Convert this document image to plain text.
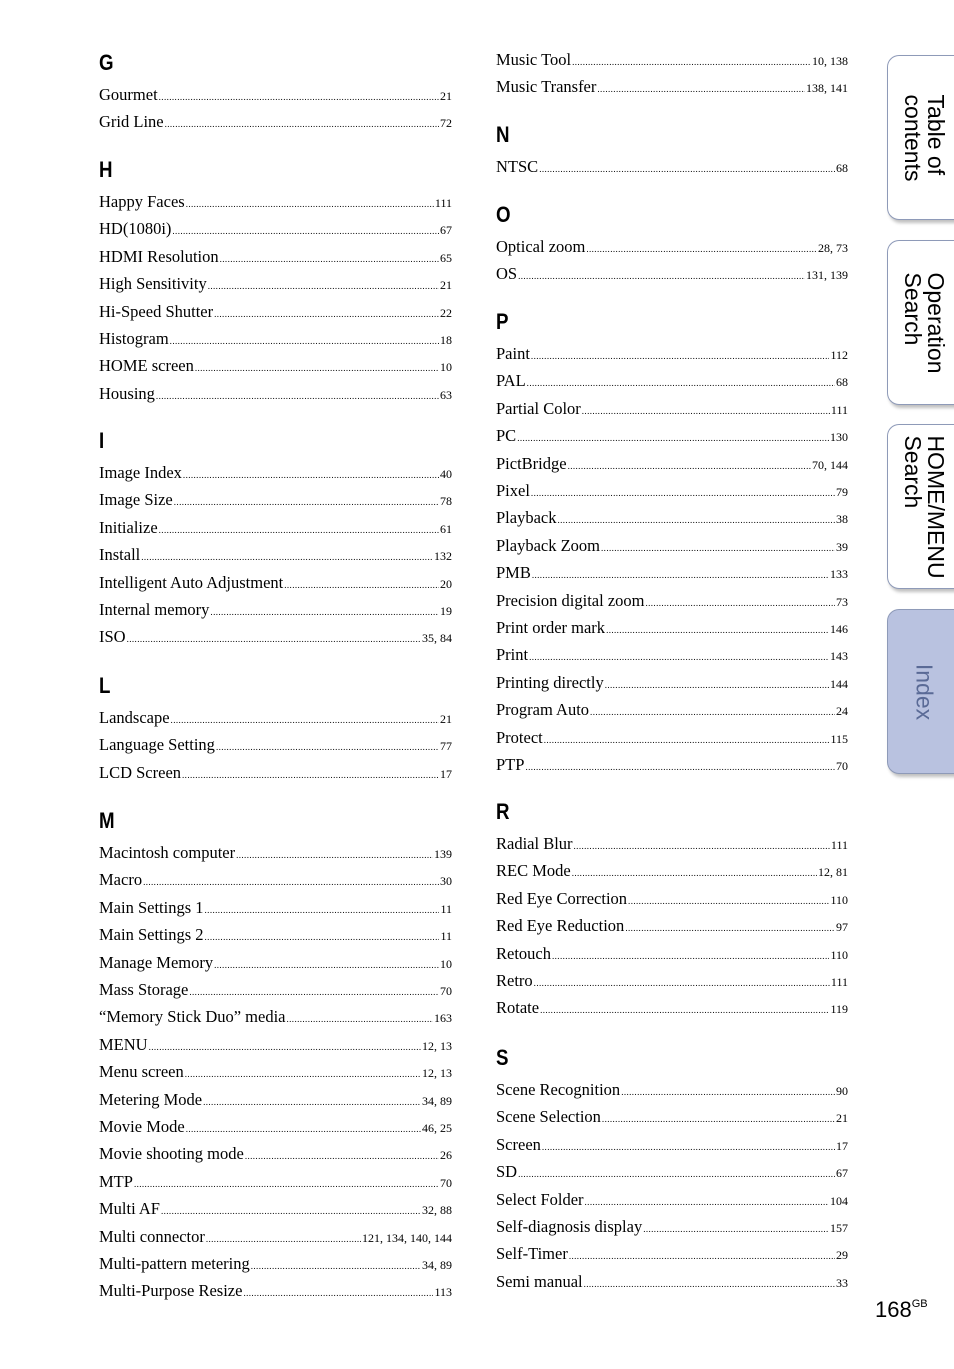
G
Gourmet .....	21
Grid Line .....	72
H
Happy Faces .....	111
HD(1080i) .....	67
HDMI Resolution .....	65
High Sensitivity .....	21
Hi-Speed Shutter .....	22
Histogram .....	18
HOME screen .....	10
Housing .....	63
I
Image Index .....	40
Image Size .....	78
Initialize .....	61
Install .....	132
Intelligent Auto Adjustment .....	20
Internal memory .....	19
ISO .....	35, 84
L
Landscape .....	21
Language Setting .....	77
LCD Screen .....	17
M
Macintosh computer .....	139
Macro .....	30
Main Settings 1 .....	11
Main Settings 2 .....	11
Manage Memory .....	10
Mass Storage .....	70
“Memory Stick Duo” media .....	163
MENU .....	12, 13
Menu screen .....	12, 13
Metering Mode .....	34, 89
Movie Mode .....	46, 25
Movie shooting mode .....	26
MTP .....	70
Multi AF .....	32, 88
Multi connector .....	121, 134, 140, 144
Multi-pattern metering .....	34, 89
Multi-Purpose Resize .....	113
Music Tool .....	10, 138
Music Transfer .....	138, 141
N
NTSC .....	68
O
Optical zoom .....	28, 73
OS .....	131, 139
P
Paint .....	112
PAL .....	68
Partial Color .....	111
PC .....	130
PictBridge .....	70, 144
Pixel .....	79
Playback .....	38
Playback Zoom .....	39
PMB .....	133
Precision digital zoom .....	73
Print order mark .....	146
Print .....	143
Printing directly .....	144
Program Auto .....	24
Protect .....	115
PTP .....	70
R
Radial Blur .....	111
REC Mode .....	12, 81
Red Eye Correction .....	110
Red Eye Reduction .....	97
Retouch .....	110
Retro .....	111
Rotate .....	119
S
Scene Recognition .....	90
Scene Selection .....	21
Screen .....	17
SD .....	67
Select Folder .....	104
Self-diagnosis display .....	157
Self-Timer .....	29
Semi manual .....	33
Table of
contents
Operation
Search
HOME/MENU
Search
Index
$168^{GB}$
